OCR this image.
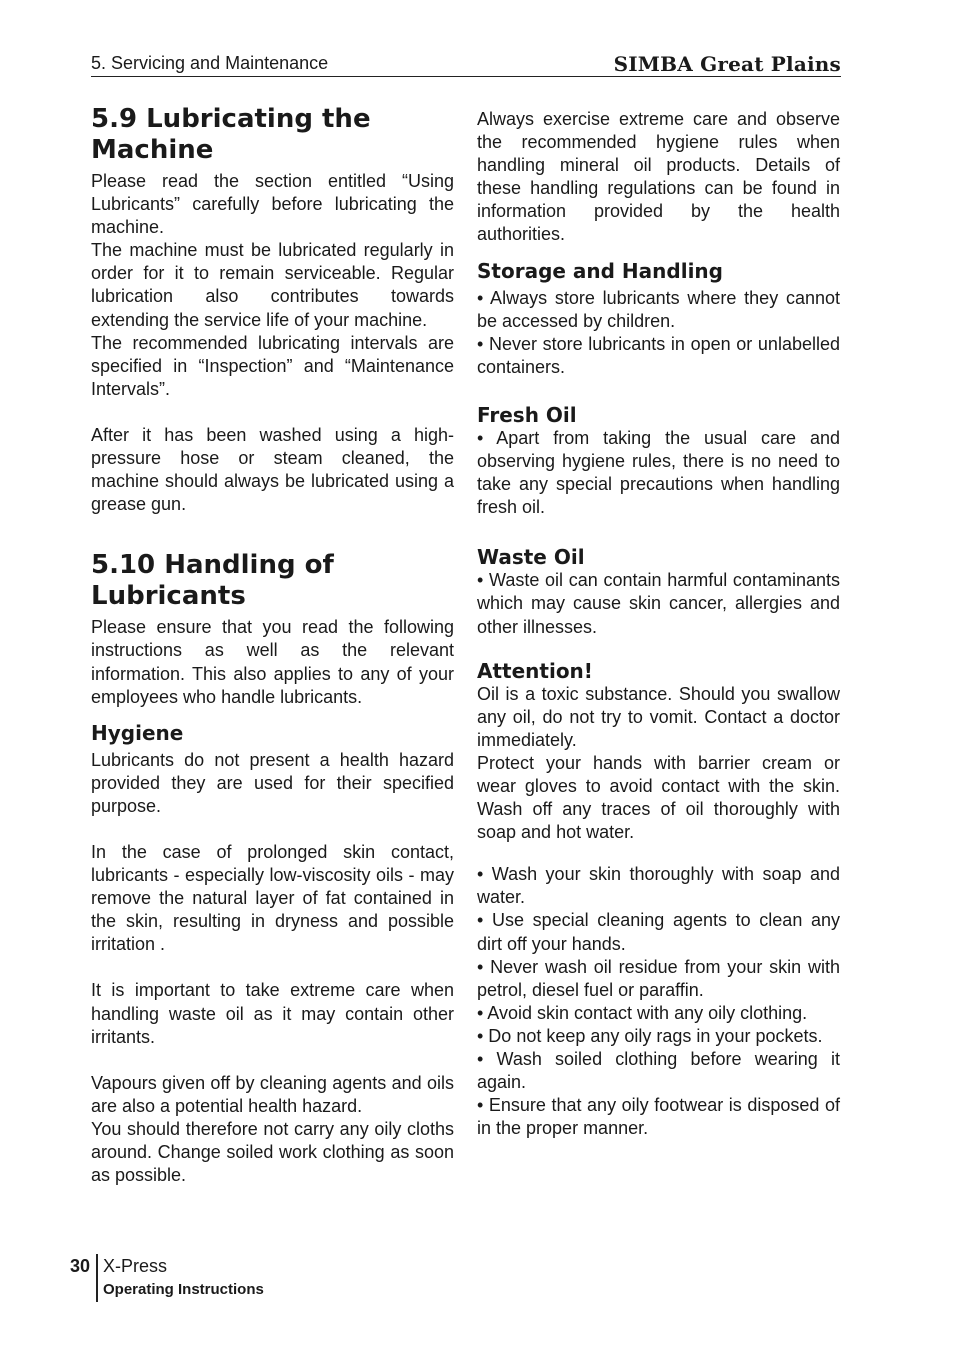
5. Servicing and Maintenance	SIMBA Great Plains
5.9 Lubricating the Machine

Please read the section entitled “Using Lubricants” carefully before lubricating the machine.

The machine must be lubricated regularly in order for it to remain serviceable. Regular lubrication also contributes towards extending the service life of your machine.

The recommended lubricating intervals are specified in “Inspection” and “Maintenance Intervals”.

After it has been washed using a high-pressure hose or steam cleaned, the machine should always be lubricated using a grease gun.

5.10 Handling of Lubricants

Please ensure that you read the following instructions as well as the relevant information. This also applies to any of your employees who handle lubricants.

Hygiene

Lubricants do not present a health hazard provided they are used for their specified purpose.

In the case of prolonged skin contact, lubricants - especially low-viscosity oils - may remove the natural layer of fat contained in the skin, resulting in dryness and possible irritation .

It is important to take extreme care when handling waste oil as it may contain other irritants.

Vapours given off by cleaning agents and oils are also a potential health hazard.

You should therefore not carry any oily cloths around. Change soiled work clothing as soon as possible.

Always exercise extreme care and observe the recommended hygiene rules when handling mineral oil products. Details of these handling regulations can be found in information provided by the health authorities.

Storage and Handling

• Always store lubricants where they cannot be accessed by children.

• Never store lubricants in open or unlabelled containers.

Fresh Oil

• Apart from taking the usual care and observing hygiene rules, there is no need to take any special precautions when handling fresh oil.

Waste Oil

• Waste oil can contain harmful contaminants which may cause skin cancer, allergies and other illnesses.

Attention!

Oil is a toxic substance. Should you swallow any oil, do not try to vomit. Contact a doctor immediately.

Protect your hands with barrier cream or wear gloves to avoid contact with the skin. Wash off any traces of oil thoroughly with soap and hot water.

• Wash your skin thoroughly with soap and water.

• Use special cleaning agents to clean any dirt off your hands.

• Never wash oil residue from your skin with petrol, diesel fuel or paraffin.

• Avoid skin contact with any oily clothing.

• Do not keep any oily rags in your pockets.

• Wash soiled clothing before wearing it again.

• Ensure that any oily footwear is disposed of in the proper manner.

30 X-Press
Operating Instructions
